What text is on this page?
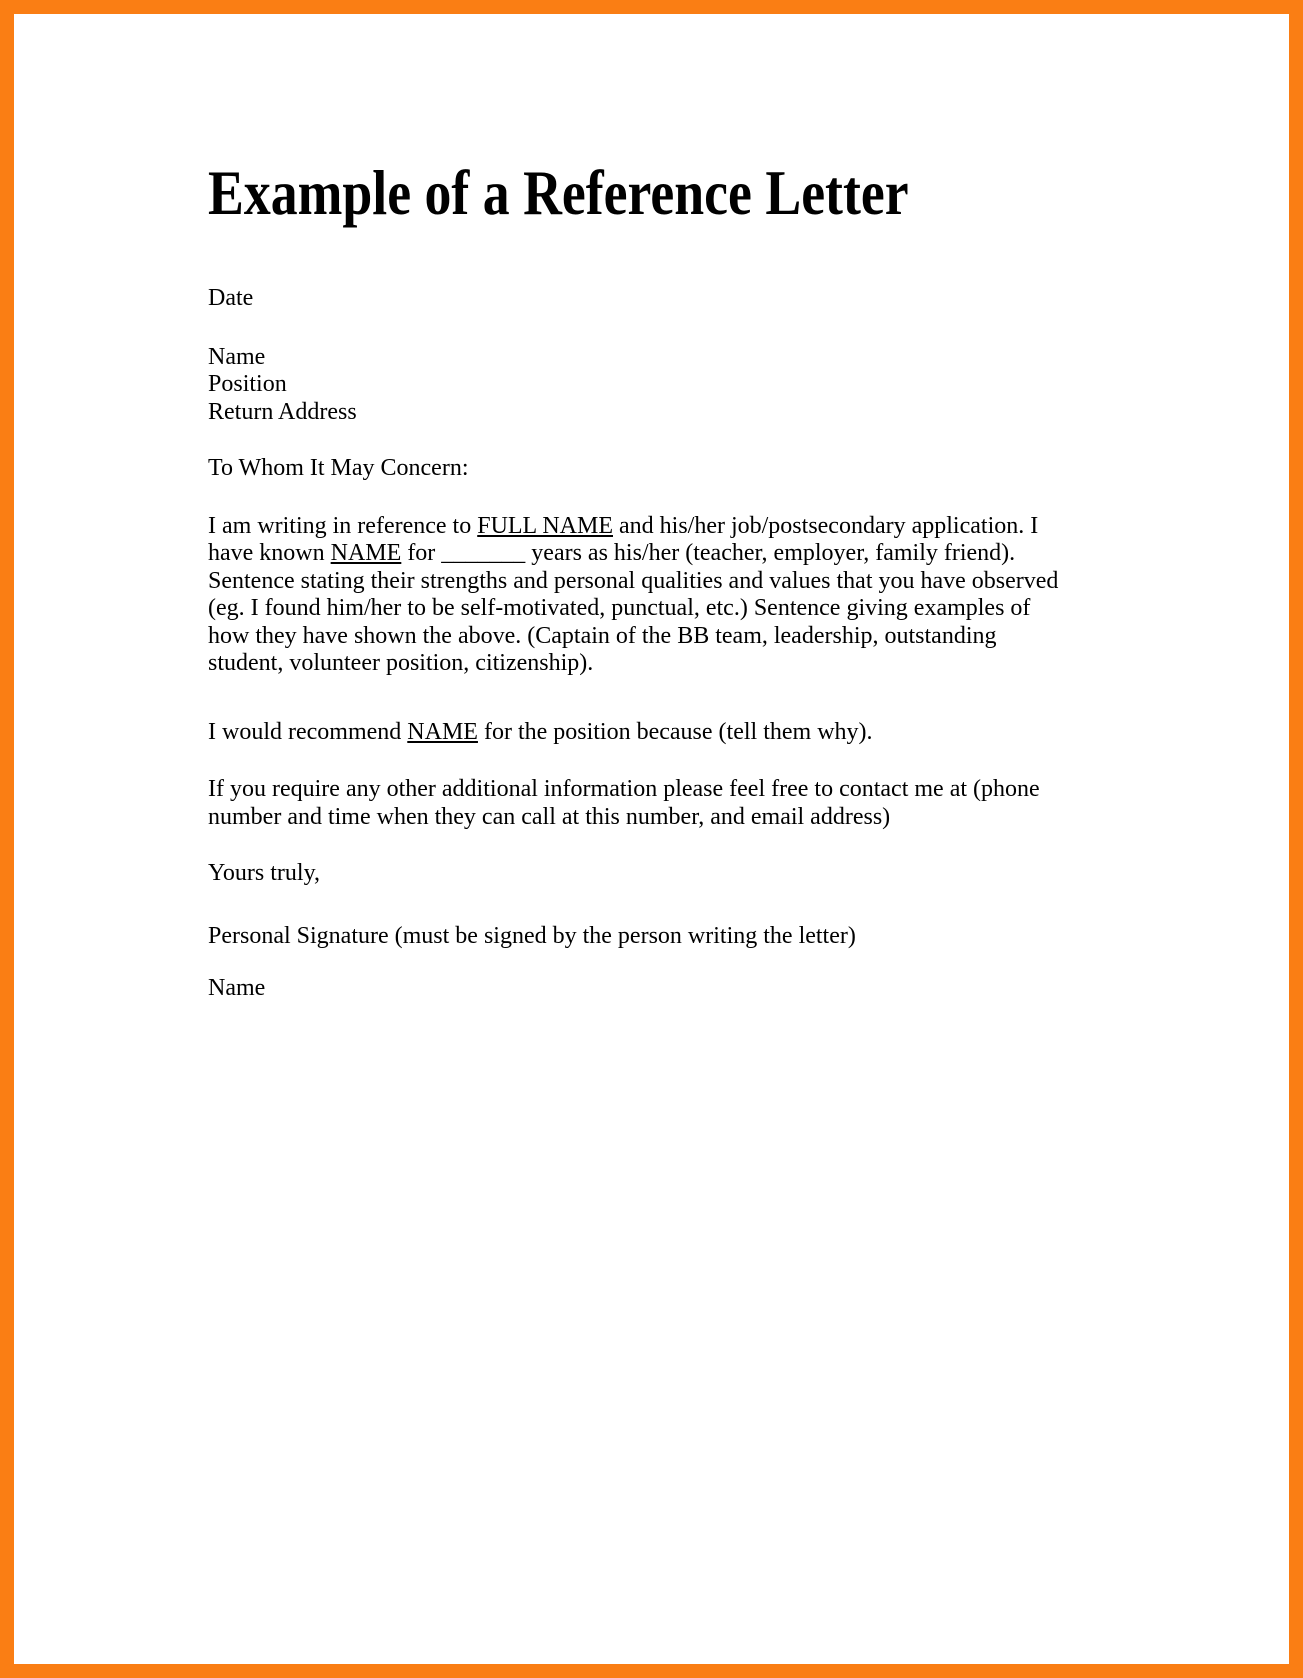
Example of a Reference Letter
Date
Name
Position
Return Address
To Whom It May Concern:
I am writing in reference to FULL NAME and his/her job/postsecondary application. I
have known NAME for _______ years as his/her (teacher, employer, family friend).
Sentence stating their strengths and personal qualities and values that you have observed
(eg. I found him/her to be self-motivated, punctual, etc.) Sentence giving examples of
how they have shown the above. (Captain of the BB team, leadership, outstanding
student, volunteer position, citizenship).
I would recommend NAME for the position because (tell them why).
If you require any other additional information please feel free to contact me at (phone
number and time when they can call at this number, and email address)
Yours truly,
Personal Signature (must be signed by the person writing the letter)
Name
